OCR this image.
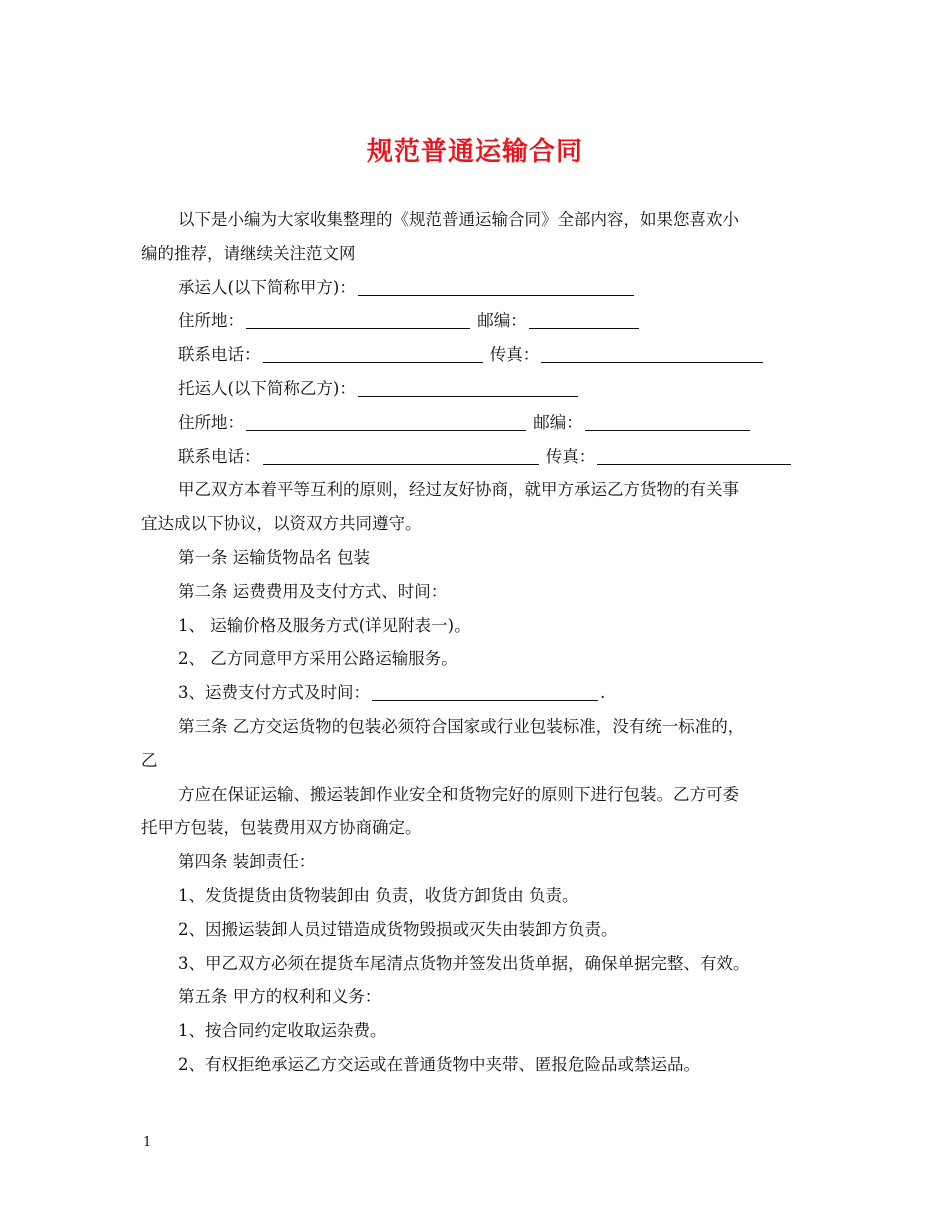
规范普通运输合同

以下是小编为大家收集整理的《规范普通运输合同》全部内容，如果您喜欢小

编的推荐，请继续关注范文网

承运人(以下简称甲方)：

住所地：	邮编：

联系电话：	传真：

托运人(以下简称乙方)：

住所地：	邮编：

联系电话：	传真：

甲乙双方本着平等互利的原则，经过友好协商，就甲方承运乙方货物的有关事

宜达成以下协议，以资双方共同遵守。

第一条 运输货物品名 包装

第二条 运费费用及支付方式、时间：

1、 运输价格及服务方式(详见附表一)。

2、 乙方同意甲方采用公路运输服务。

3、运费支付方式及时间：	.

第三条 乙方交运货物的包装必须符合国家或行业包装标准，没有统一标准的，

乙

方应在保证运输、搬运装卸作业安全和货物完好的原则下进行包装。乙方可委

托甲方包装，包装费用双方协商确定。

第四条 装卸责任：

1、发货提货由货物装卸由 负责，收货方卸货由 负责。

2、因搬运装卸人员过错造成货物毁损或灭失由装卸方负责。

3、甲乙双方必须在提货车尾清点货物并签发出货单据，确保单据完整、有效。

第五条 甲方的权利和义务：

1、按合同约定收取运杂费。

2、有权拒绝承运乙方交运或在普通货物中夹带、匿报危险品或禁运品。

1
